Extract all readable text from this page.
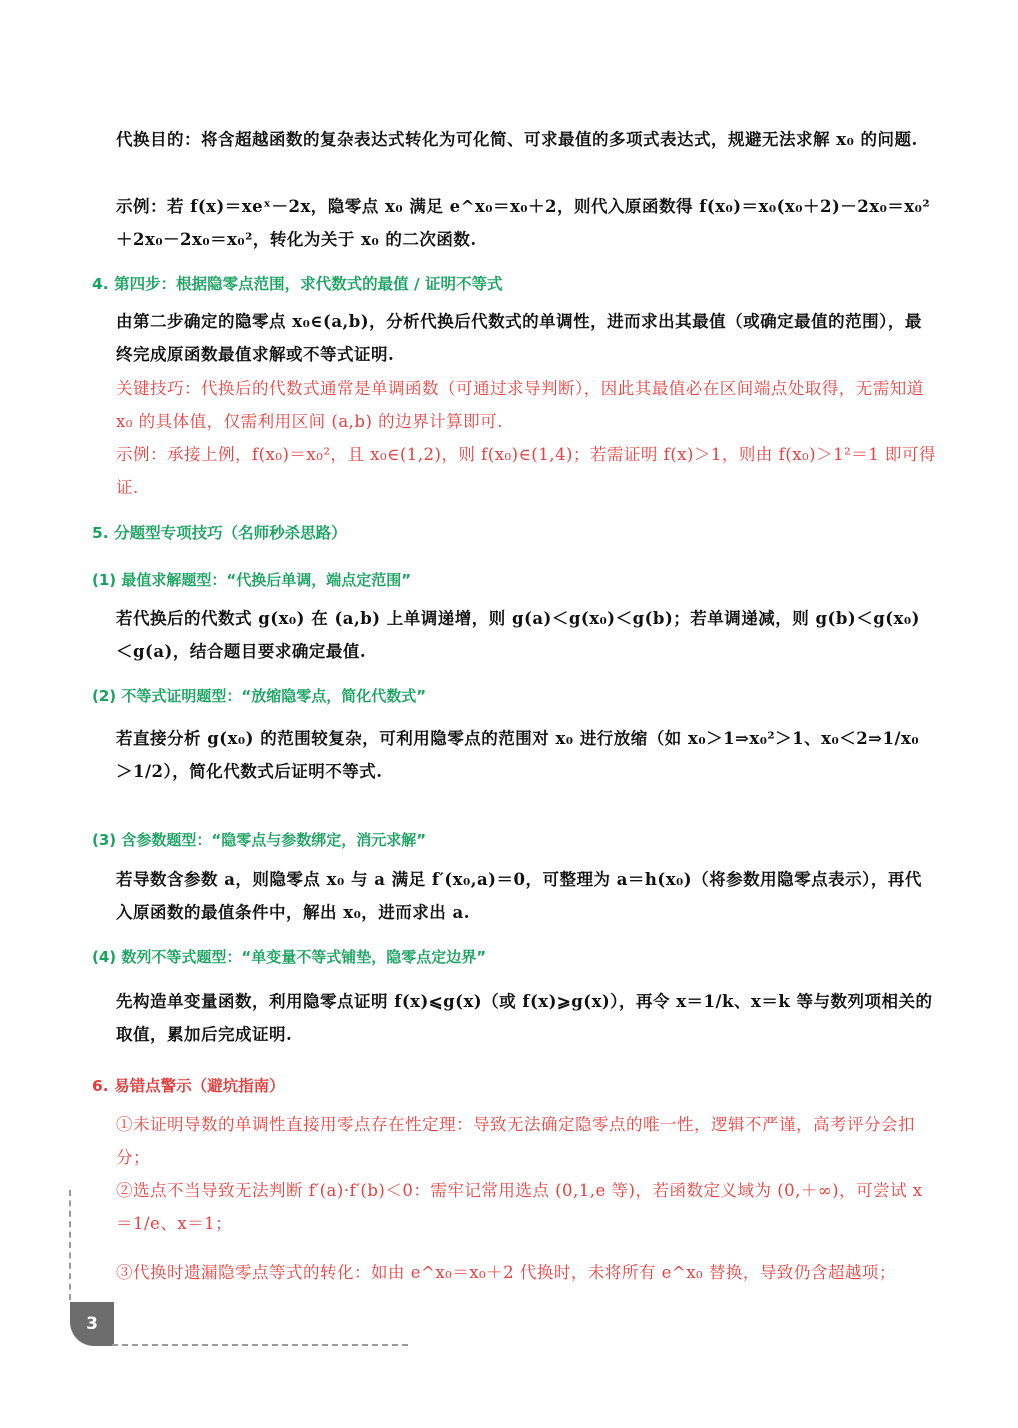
代换目的：将含超越函数的复杂表达式转化为可化简、可求最值的多项式表达式，规避无法求解 x₀ 的问题.

示例：若 f(x)＝xeˣ－2x，隐零点 x₀ 满足 e^x₀＝x₀＋2，则代入原函数得 f(x₀)＝x₀(x₀＋2)－2x₀＝x₀²＋2x₀－2x₀＝x₀²，转化为关于 x₀ 的二次函数.

4. 第四步：根据隐零点范围，求代数式的最值 / 证明不等式

由第二步确定的隐零点 x₀∈(a,b)，分析代换后代数式的单调性，进而求出其最值（或确定最值的范围），最终完成原函数最值求解或不等式证明.

关键技巧：代换后的代数式通常是单调函数（可通过求导判断），因此其最值必在区间端点处取得，无需知道 x₀ 的具体值，仅需利用区间 (a,b) 的边界计算即可.

示例：承接上例，f(x₀)＝x₀²，且 x₀∈(1,2)，则 f(x₀)∈(1,4)；若需证明 f(x)＞1，则由 f(x₀)＞1²＝1 即可得证.

5. 分题型专项技巧（名师秒杀思路）
(1) 最值求解题型：“代换后单调，端点定范围”

若代换后的代数式 g(x₀) 在 (a,b) 上单调递增，则 g(a)＜g(x₀)＜g(b)；若单调递减，则 g(b)＜g(x₀)＜g(a)，结合题目要求确定最值.

(2) 不等式证明题型：“放缩隐零点，简化代数式”

若直接分析 g(x₀) 的范围较复杂，可利用隐零点的范围对 x₀ 进行放缩（如 x₀＞1⇒x₀²＞1、x₀＜2⇒1/x₀＞1/2），简化代数式后证明不等式.

(3) 含参数题型：“隐零点与参数绑定，消元求解”

若导数含参数 a，则隐零点 x₀ 与 a 满足 f′(x₀,a)＝0，可整理为 a＝h(x₀)（将参数用隐零点表示），再代入原函数的最值条件中，解出 x₀，进而求出 a.

(4) 数列不等式题型：“单变量不等式铺垫，隐零点定边界”

先构造单变量函数，利用隐零点证明 f(x)⩽g(x)（或 f(x)⩾g(x)），再令 x＝1/k、x＝k 等与数列项相关的取值，累加后完成证明.

6. 易错点警示（避坑指南）

①未证明导数的单调性直接用零点存在性定理：导致无法确定隐零点的唯一性，逻辑不严谨，高考评分会扣分；

②选点不当导致无法判断 f′(a)·f′(b)＜0：需牢记常用选点 (0,1,e 等)，若函数定义域为 (0,＋∞)，可尝试 x＝1/e、x＝1；

③代换时遗漏隐零点等式的转化：如由 e^x₀＝x₀＋2 代换时，未将所有 e^x₀ 替换，导致仍含超越项；

3
